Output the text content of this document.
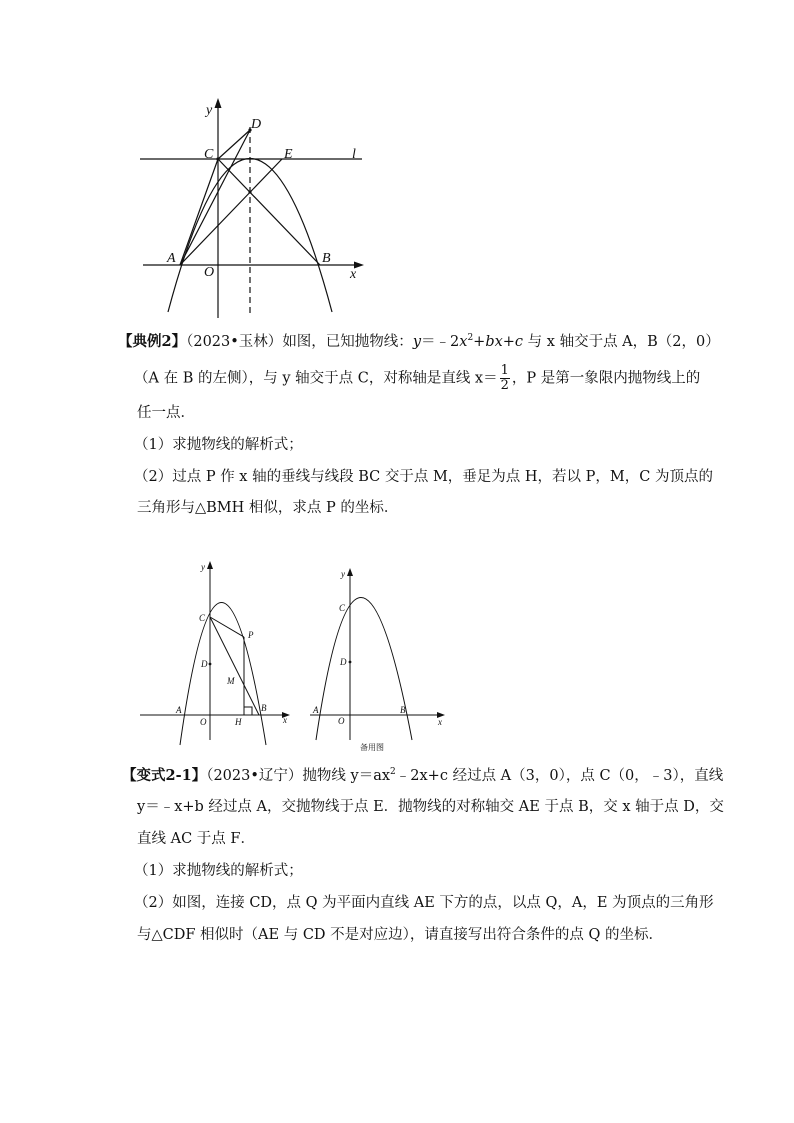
y
D
C	E	l
A	B
O	x
【典例2】（2023•玉林）如图，已知抛物线：$y=﹣2x^2+bx+c$ 与 x 轴交于点 A，B（2，0）
（A 在 B 的左侧），与 y 轴交于点 C，对称轴是直线 $x= \frac{1}{2}$ ，P 是第一象限内抛物线上的
任一点．
（1）求抛物线的解析式；
（2）过点 P 作 x 轴的垂线与线段 BC 交于点 M，垂足为点 H，若以 P，M，C 为顶点的
三角形与△BMH 相似，求点 P 的坐标．
y
C
P
D
M
A
O	H
B
x
y
C
D
A
O
B
x
备用图
【变式2-1】（2023•辽宁）抛物线 $y=ax^2﹣2x+c$ 经过点 A（3，0），点 C（0，﹣3），直线
y＝﹣x+b 经过点 A，交抛物线于点 E．抛物线的对称轴交 AE 于点 B，交 x 轴于点 D，交
直线 AC 于点 F．
（1）求抛物线的解析式；
（2）如图，连接 CD，点 Q 为平面内直线 AE 下方的点，以点 Q，A，E 为顶点的三角形
与△CDF 相似时（AE 与 CD 不是对应边），请直接写出符合条件的点 Q 的坐标．
